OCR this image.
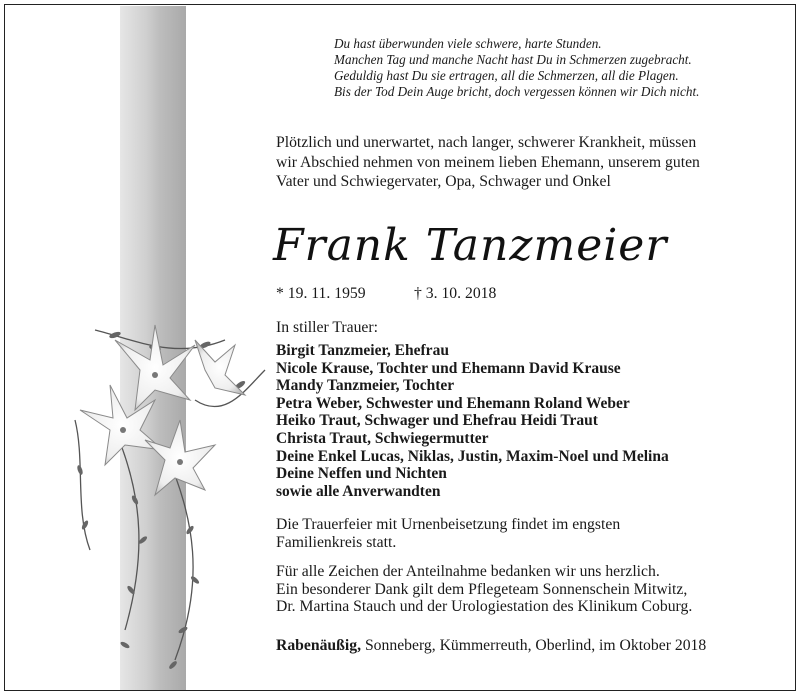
Du hast überwunden viele schwere, harte Stunden.
Manchen Tag und manche Nacht hast Du in Schmerzen zugebracht.
Geduldig hast Du sie ertragen, all die Schmerzen, all die Plagen.
Bis der Tod Dein Auge bricht, doch vergessen können wir Dich nicht.
Plötzlich und unerwartet, nach langer, schwerer Krankheit, müssen
wir Abschied nehmen von meinem lieben Ehemann, unserem guten
Vater und Schwiegervater, Opa, Schwager und Onkel
Frank Tanzmeier
* 19. 11. 1959	† 3. 10. 2018
In stiller Trauer:
Birgit Tanzmeier, Ehefrau
Nicole Krause, Tochter und Ehemann David Krause
Mandy Tanzmeier, Tochter
Petra Weber, Schwester und Ehemann Roland Weber
Heiko Traut, Schwager und Ehefrau Heidi Traut
Christa Traut, Schwiegermutter
Deine Enkel Lucas, Niklas, Justin, Maxim-Noel und Melina
Deine Neffen und Nichten
sowie alle Anverwandten
Die Trauerfeier mit Urnenbeisetzung findet im engsten
Familienkreis statt.
Für alle Zeichen der Anteilnahme bedanken wir uns herzlich.
Ein besonderer Dank gilt dem Pflegeteam Sonnenschein Mitwitz,
Dr. Martina Stauch und der Urologiestation des Klinikum Coburg.
Rabenäußig, Sonneberg, Kümmerreuth, Oberlind, im Oktober 2018
